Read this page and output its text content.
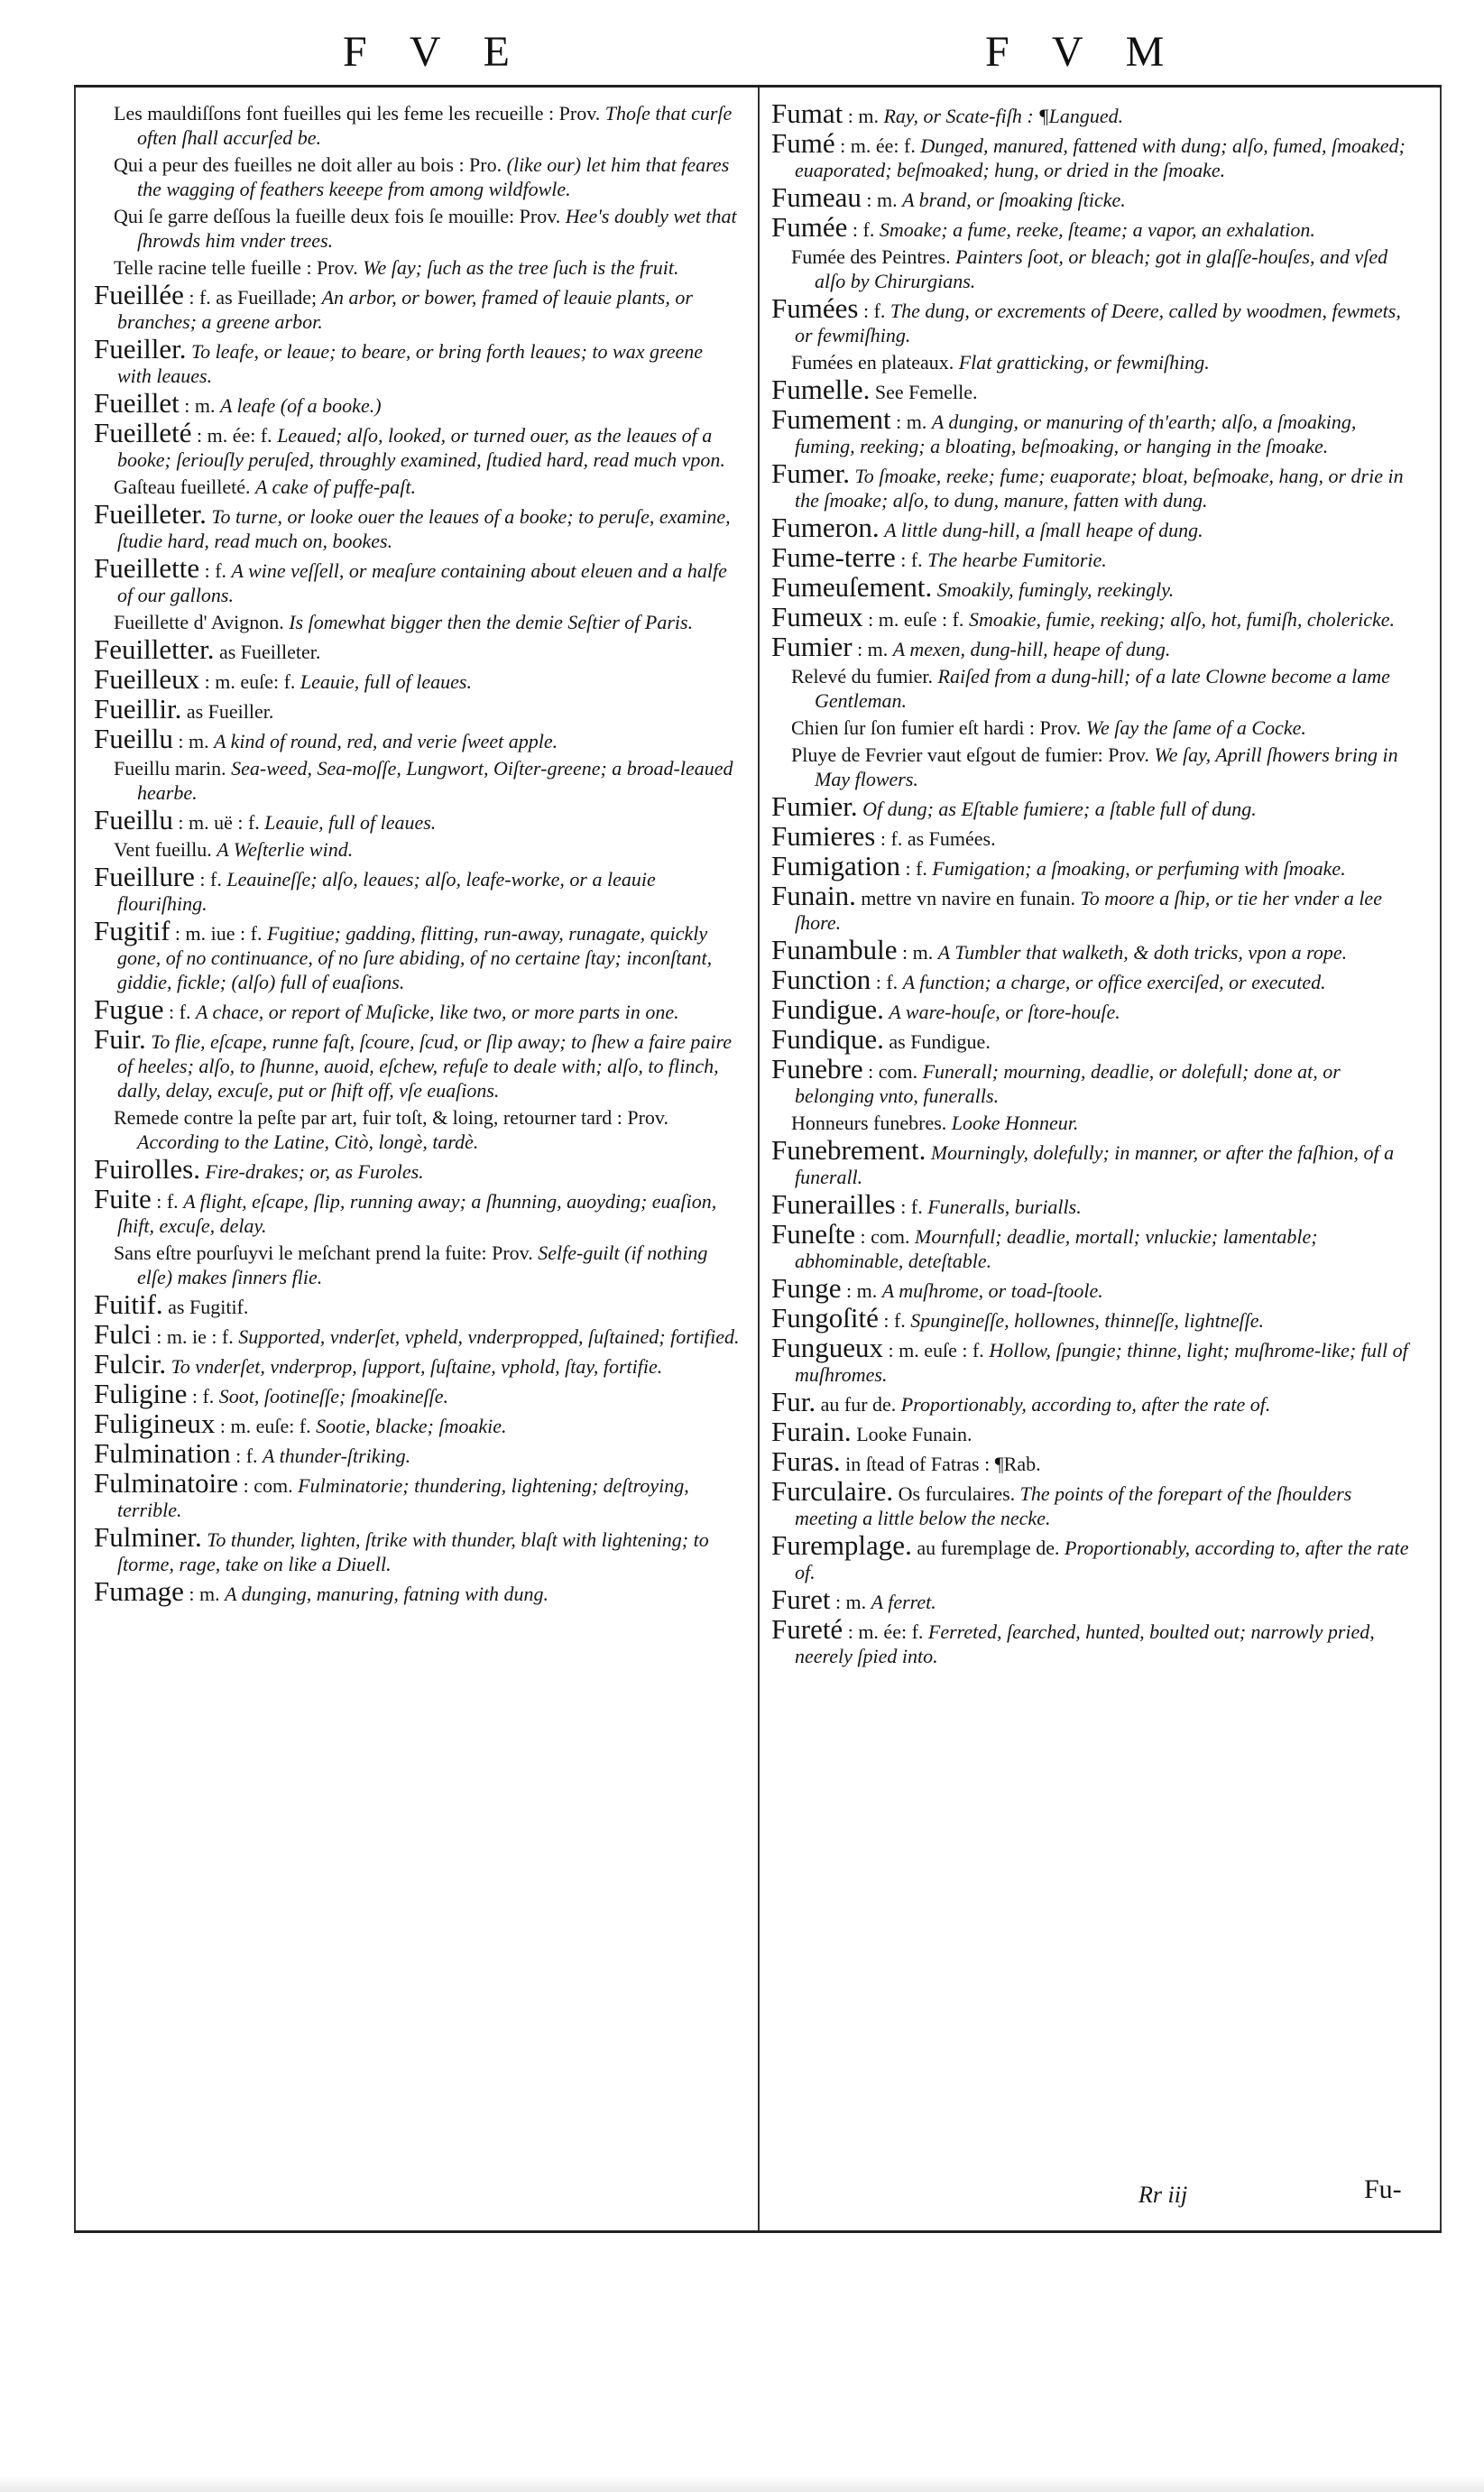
F V E	F V M
Les mauldiſſons font fueilles qui les feme les recueille : Prov. Thoſe that curſe often ſhall accurſed be.
Qui a peur des fueilles ne doit aller au bois : Pro. (like our) let him that feares the wagging of feathers keeepe from among wildfowle.
Qui ſe garre deſſous la fueille deux fois ſe mouille: Prov. Hee's doubly wet that ſhrowds him vnder trees.
Telle racine telle fueille : Prov. We ſay; ſuch as the tree ſuch is the fruit.
Fueillée : f. as Fueillade; An arbor, or bower, framed of leauie plants, or branches; a greene arbor.
Fueiller. To leafe, or leaue; to beare, or bring forth leaues; to wax greene with leaues.
Fueillet : m. A leafe (of a booke.)
Fueilleté : m. ée: f. Leaued; alſo, looked, or turned ouer, as the leaues of a booke; ſeriouſly peruſed, throughly examined, ſtudied hard, read much vpon.
Gaſteau fueilleté. A cake of puffe-paſt.
Fueilleter. To turne, or looke ouer the leaues of a booke; to peruſe, examine, ſtudie hard, read much on, bookes.
Fueillette : f. A wine veſſell, or meaſure containing about eleuen and a halfe of our gallons.
Fueillette d' Avignon. Is ſomewhat bigger then the demie Seſtier of Paris.
Feuilletter. as Fueilleter.
Fueilleux : m. euſe: f. Leauie, full of leaues.
Fueillir. as Fueiller.
Fueillu : m. A kind of round, red, and verie ſweet apple.
Fueillu marin. Sea-weed, Sea-moſſe, Lungwort, Oiſter-greene; a broad-leaued hearbe.
Fueillu : m. uë : f. Leauie, full of leaues.
Vent fueillu. A Weſterlie wind.
Fueillure : f. Leauineſſe; alſo, leaues; alſo, leafe-worke, or a leauie flouriſhing.
Fugitif : m. iue : f. Fugitiue; gadding, flitting, run-away, runagate, quickly gone, of no continuance, of no ſure abiding, of no certaine ſtay; inconſtant, giddie, fickle; (alſo) full of euaſions.
Fugue : f. A chace, or report of Muſicke, like two, or more parts in one.
Fuir. To flie, eſcape, runne faſt, ſcoure, ſcud, or ſlip away; to ſhew a faire paire of heeles; alſo, to ſhunne, auoid, eſchew, refuſe to deale with; alſo, to flinch, dally, delay, excuſe, put or ſhift off, vſe euaſions.
Remede contre la peſte par art, fuir toſt, & loing, retourner tard : Prov. According to the Latine, Citò, longè, tardè.
Fuirolles. Fire-drakes; or, as Furoles.
Fuite : f. A flight, eſcape, ſlip, running away; a ſhunning, auoyding; euaſion, ſhift, excuſe, delay.
Sans eſtre pourſuyvi le meſchant prend la fuite: Prov. Selfe-guilt (if nothing elſe) makes ſinners flie.
Fuitif. as Fugitif.
Fulci : m. ie : f. Supported, vnderſet, vpheld, vnderpropped, ſuſtained; fortified.
Fulcir. To vnderſet, vnderprop, ſupport, ſuſtaine, vphold, ſtay, fortifie.
Fuligine : f. Soot, ſootineſſe; ſmoakineſſe.
Fuligineux : m. euſe: f. Sootie, blacke; ſmoakie.
Fulmination : f. A thunder-ſtriking.
Fulminatoire : com. Fulminatorie; thundering, lightening; deſtroying, terrible.
Fulminer. To thunder, lighten, ſtrike with thunder, blaſt with lightening; to ſtorme, rage, take on like a Diuell.
Fumage : m. A dunging, manuring, fatning with dung.
Fumat : m. Ray, or Scate-fiſh : ¶Langued.
Fumé : m. ée: f. Dunged, manured, fattened with dung; alſo, fumed, ſmoaked; euaporated; beſmoaked; hung, or dried in the ſmoake.
Fumeau : m. A brand, or ſmoaking ſticke.
Fumée : f. Smoake; a fume, reeke, ſteame; a vapor, an exhalation.
Fumée des Peintres. Painters ſoot, or bleach; got in glaſſe-houſes, and vſed alſo by Chirurgians.
Fumées : f. The dung, or excrements of Deere, called by woodmen, fewmets, or fewmiſhing.
Fumées en plateaux. Flat gratticking, or fewmiſhing.
Fumelle. See Femelle.
Fumement : m. A dunging, or manuring of th'earth; alſo, a ſmoaking, fuming, reeking; a bloating, beſmoaking, or hanging in the ſmoake.
Fumer. To ſmoake, reeke; fume; euaporate; bloat, beſmoake, hang, or drie in the ſmoake; alſo, to dung, manure, fatten with dung.
Fumeron. A little dung-hill, a ſmall heape of dung.
Fume-terre : f. The hearbe Fumitorie.
Fumeuſement. Smoakily, fumingly, reekingly.
Fumeux : m. euſe : f. Smoakie, fumie, reeking; alſo, hot, fumiſh, cholericke.
Fumier : m. A mexen, dung-hill, heape of dung.
Relevé du fumier. Raiſed from a dung-hill; of a late Clowne become a lame Gentleman.
Chien ſur ſon fumier eſt hardi : Prov. We ſay the ſame of a Cocke.
Pluye de Fevrier vaut eſgout de fumier: Prov. We ſay, Aprill ſhowers bring in May flowers.
Fumier. Of dung; as Eſtable fumiere; a ſtable full of dung.
Fumieres : f. as Fumées.
Fumigation : f. Fumigation; a ſmoaking, or perfuming with ſmoake.
Funain. mettre vn navire en funain. To moore a ſhip, or tie her vnder a lee ſhore.
Funambule : m. A Tumbler that walketh, & doth tricks, vpon a rope.
Function : f. A function; a charge, or office exerciſed, or executed.
Fundigue. A ware-houſe, or ſtore-houſe.
Fundique. as Fundigue.
Funebre : com. Funerall; mourning, deadlie, or dolefull; done at, or belonging vnto, funeralls.
Honneurs funebres. Looke Honneur.
Funebrement. Mourningly, dolefully; in manner, or after the faſhion, of a funerall.
Funerailles : f. Funeralls, burialls.
Funeſte : com. Mournfull; deadlie, mortall; vnluckie; lamentable; abhominable, deteſtable.
Funge : m. A muſhrome, or toad-ſtoole.
Fungoſité : f. Spungineſſe, hollownes, thinneſſe, lightneſſe.
Fungueux : m. euſe : f. Hollow, ſpungie; thinne, light; muſhrome-like; full of muſhromes.
Fur. au fur de. Proportionably, according to, after the rate of.
Furain. Looke Funain.
Furas. in ſtead of Fatras : ¶Rab.
Furculaire. Os furculaires. The points of the forepart of the ſhoulders meeting a little below the necke.
Furemplage. au furemplage de. Proportionably, according to, after the rate of.
Furet : m. A ferret.
Fureté : m. ée: f. Ferreted, ſearched, hunted, boulted out; narrowly pried, neerely ſpied into.
Rr iij	Fu-
